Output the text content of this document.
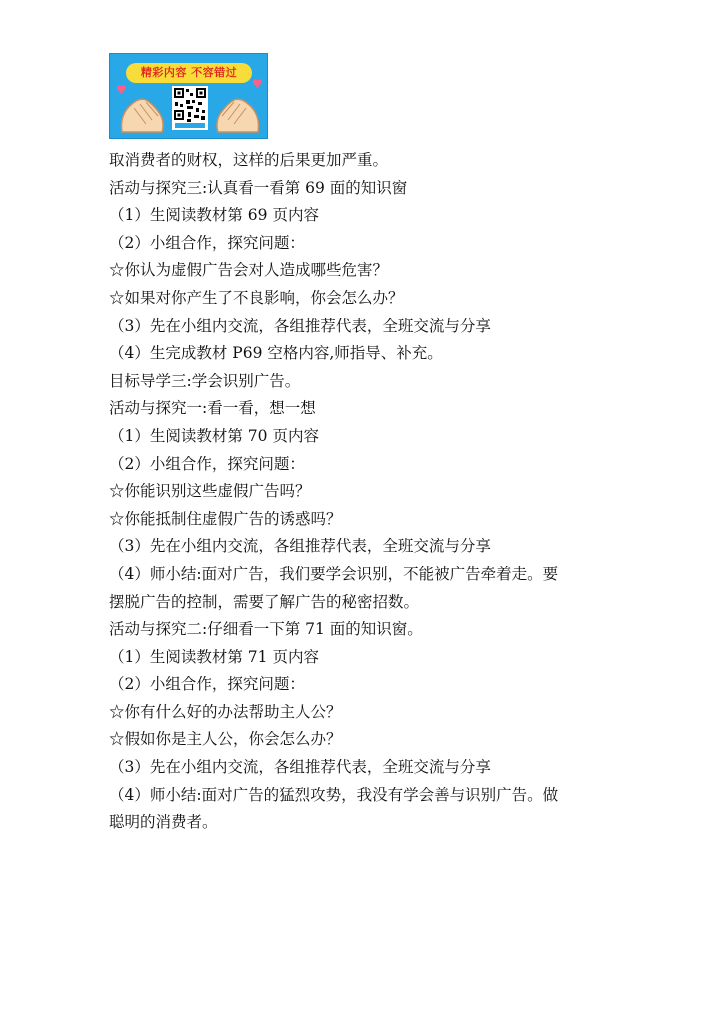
精彩内容 不容错过
♥	♥

取消费者的财权，这样的后果更加严重。

活动与探究三:认真看一看第 69 面的知识窗

（1）生阅读教材第 69 页内容

（2）小组合作，探究问题：

☆你认为虚假广告会对人造成哪些危害？

☆如果对你产生了不良影响，你会怎么办？

（3）先在小组内交流，各组推荐代表，全班交流与分享

（4）生完成教材 P69 空格内容,师指导、补充。

目标导学三:学会识别广告。

活动与探究一:看一看，想一想

（1）生阅读教材第 70 页内容

（2）小组合作，探究问题：

☆你能识别这些虚假广告吗？

☆你能抵制住虚假广告的诱惑吗？

（3）先在小组内交流，各组推荐代表，全班交流与分享

（4）师小结:面对广告，我们要学会识别，不能被广告牵着走。要

摆脱广告的控制，需要了解广告的秘密招数。

活动与探究二:仔细看一下第 71 面的知识窗。

（1）生阅读教材第 71 页内容

（2）小组合作，探究问题：

☆你有什么好的办法帮助主人公？

☆假如你是主人公，你会怎么办？

（3）先在小组内交流，各组推荐代表，全班交流与分享

（4）师小结:面对广告的猛烈攻势，我没有学会善与识别广告。做

聪明的消费者。
